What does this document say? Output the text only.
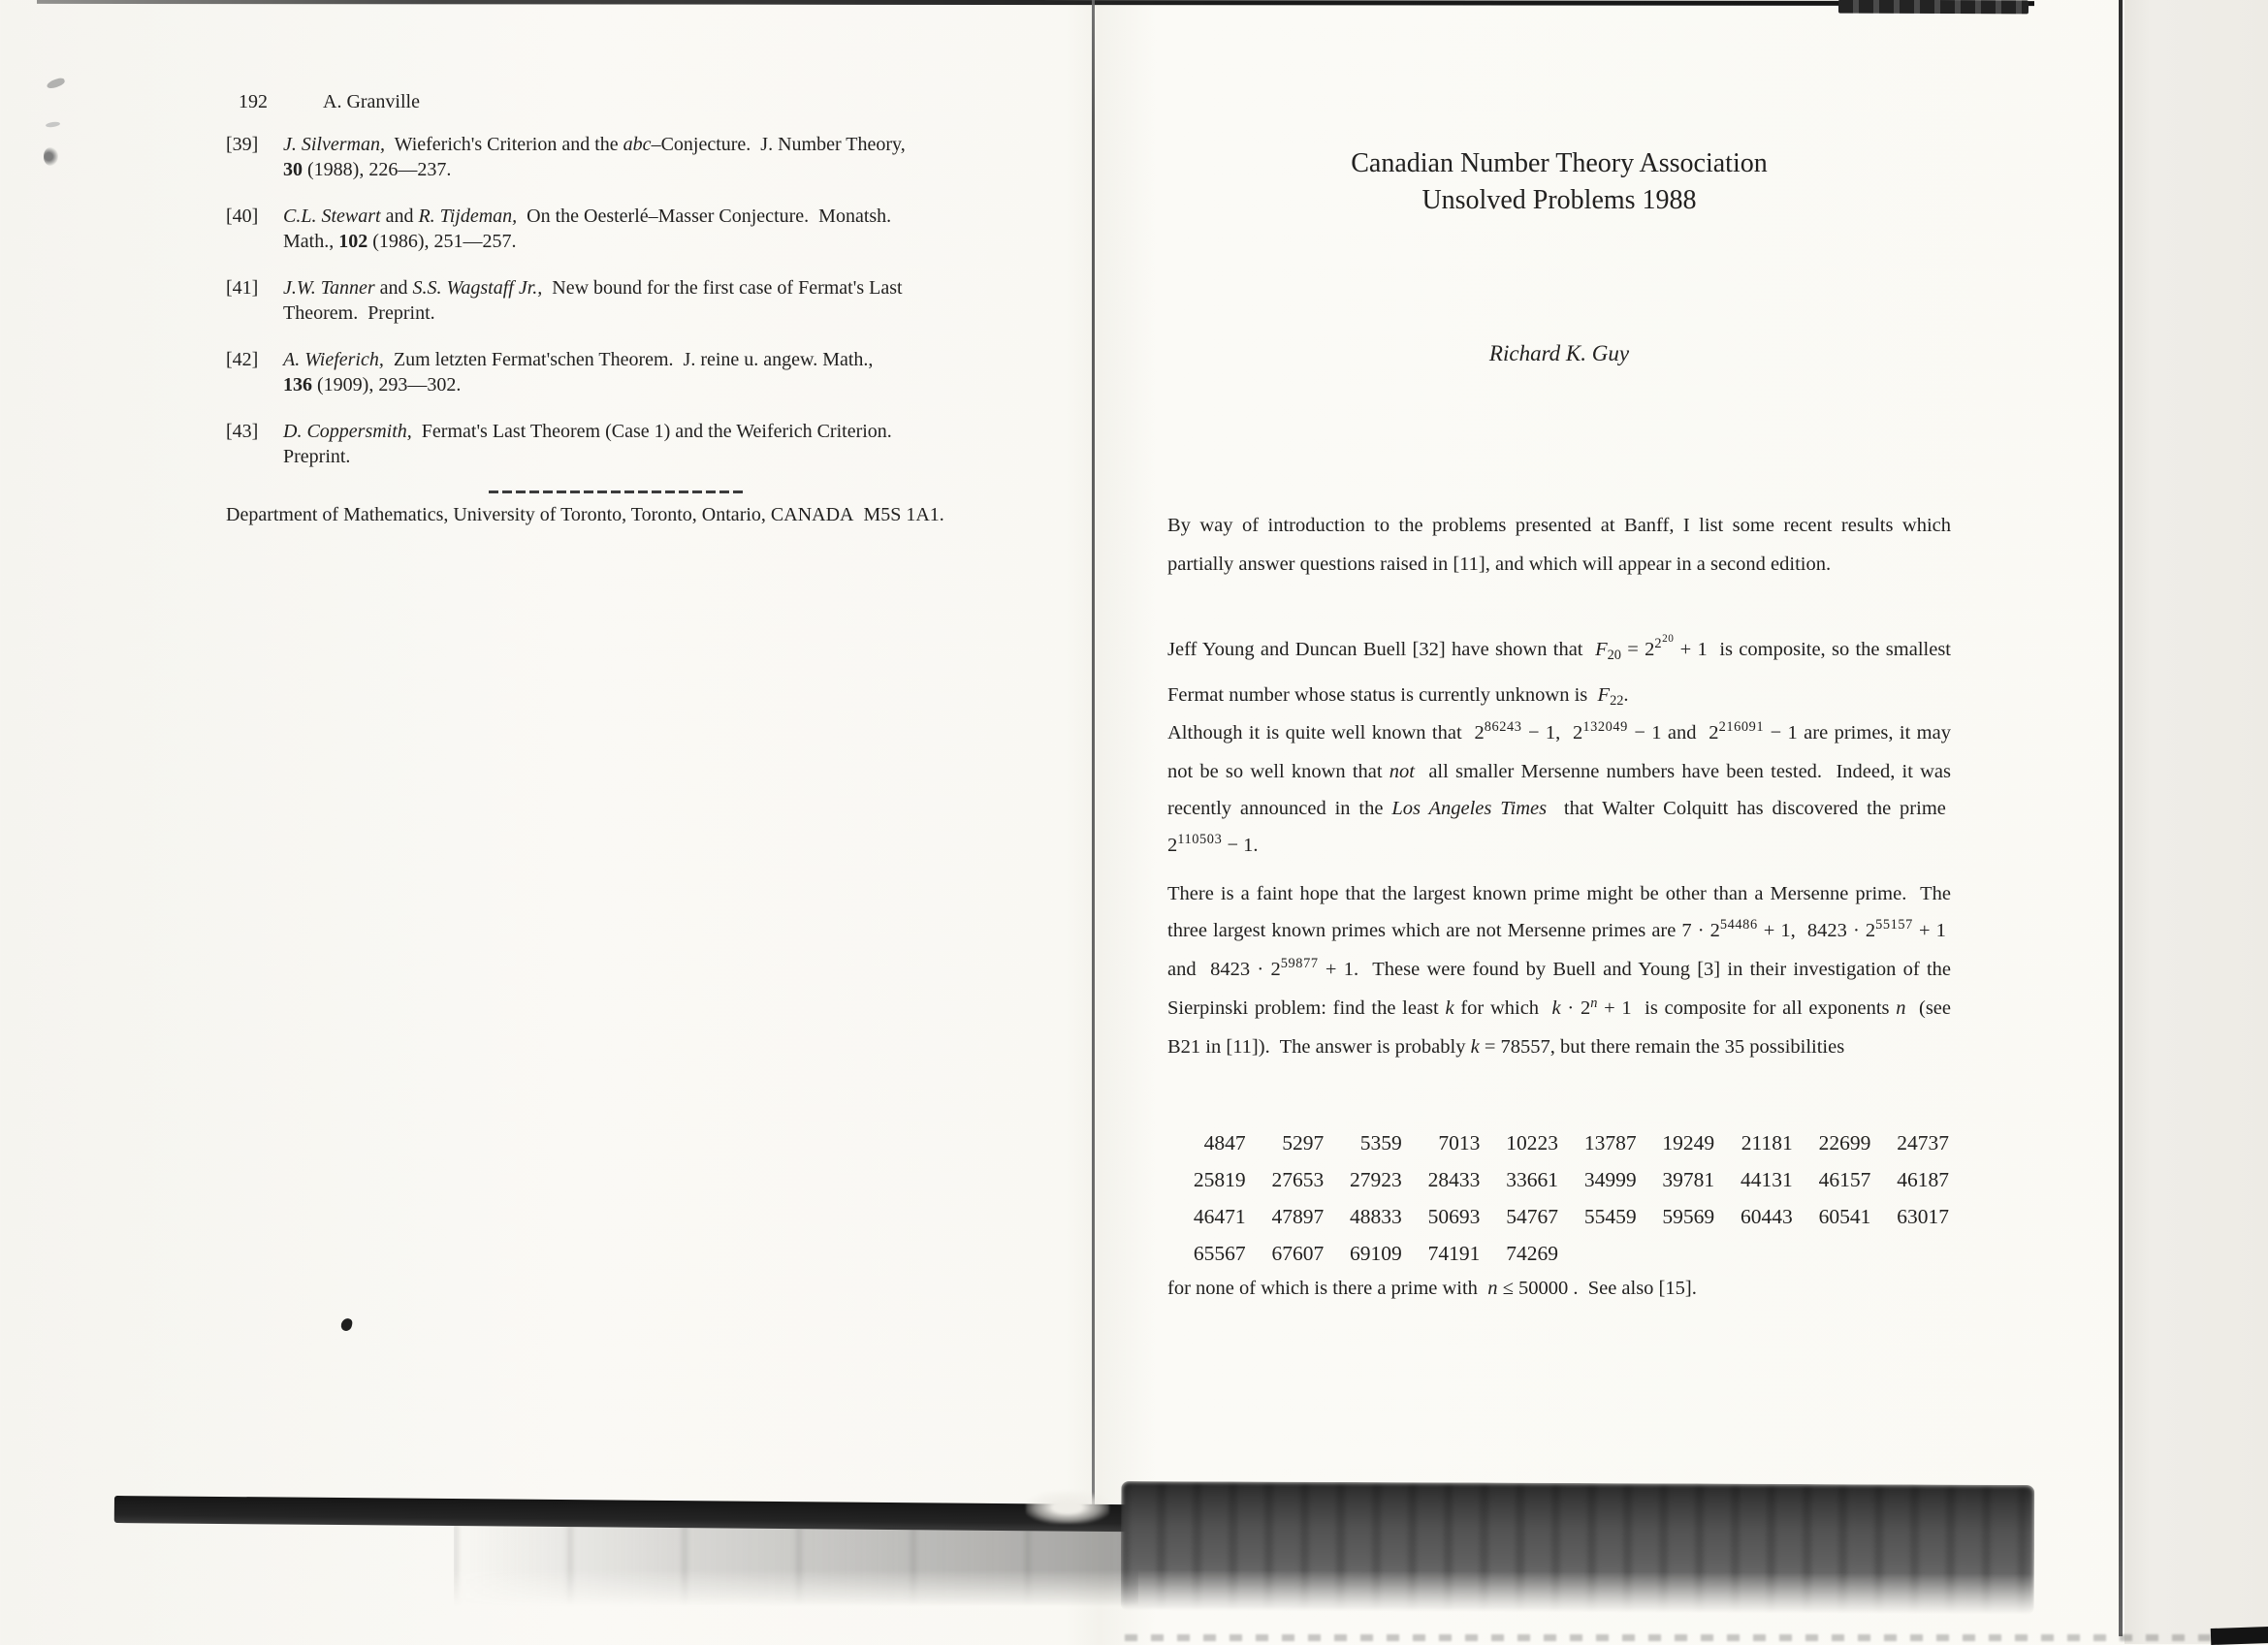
192	A. Granville
[39]	J. Silverman,  Wieferich's Criterion and the abc–Conjecture.  J. Number Theory,
30 (1988), 226—237.
[40]	C.L. Stewart and R. Tijdeman,  On the Oesterlé–Masser Conjecture.  Monatsh.
Math., 102 (1986), 251—257.
[41]	J.W. Tanner and S.S. Wagstaff Jr.,  New bound for the first case of Fermat's Last
Theorem.  Preprint.
[42]	A. Wieferich,  Zum letzten Fermat'schen Theorem.  J. reine u. angew. Math.,
136 (1909), 293—302.
[43]	D. Coppersmith,  Fermat's Last Theorem (Case 1) and the Weiferich Criterion.
Preprint.

Department of Mathematics, University of Toronto, Toronto, Ontario, CANADA  M5S 1A1.

Canadian Number Theory Association
Unsolved Problems 1988
Richard K. Guy

By way of introduction to the problems presented at Banff, I list some recent results which partially answer questions raised in [11], and which will appear in a second edition.

Jeff Young and Duncan Buell [32] have shown that  $F_{20} = 2^{220} + 1$  is composite, so the smallest Fermat number whose status is currently unknown is  $F_{22}$.

Although it is quite well known that  $2^{86243} - 1$,  $2^{132049} - 1$ and  $2^{216091} - 1$ are primes, it may not be so well known that not  all smaller Mersenne numbers have been tested.  Indeed, it was recently announced in the Los Angeles Times  that Walter Colquitt has discovered the prime  $2^{110503} - 1$.

There is a faint hope that the largest known prime might be other than a Mersenne prime.  The three largest known primes which are not Mersenne primes are $7 \cdot 2^{54486} + 1$,  $8423 \cdot 2^{55157} + 1$  and  $8423 \cdot 2^{59877} + 1$.  These were found by Buell and Young [3] in their investigation of the Sierpinski problem: find the least k for which  $k \cdot 2^n + 1$  is composite for all exponents n  (see B21 in [11]).  The answer is probably k = 78557, but there remain the 35 possibilities

4847 5297 5359 7013 10223 13787 19249 21181 22699 24737
25819 27653 27923 28433 33661 34999 39781 44131 46157 46187
46471 47897 48833 50693 54767 55459 59569 60443 60541 63017
65567 67607 69109 74191 74269

for none of which is there a prime with  n ≤ 50000 .  See also [15].
